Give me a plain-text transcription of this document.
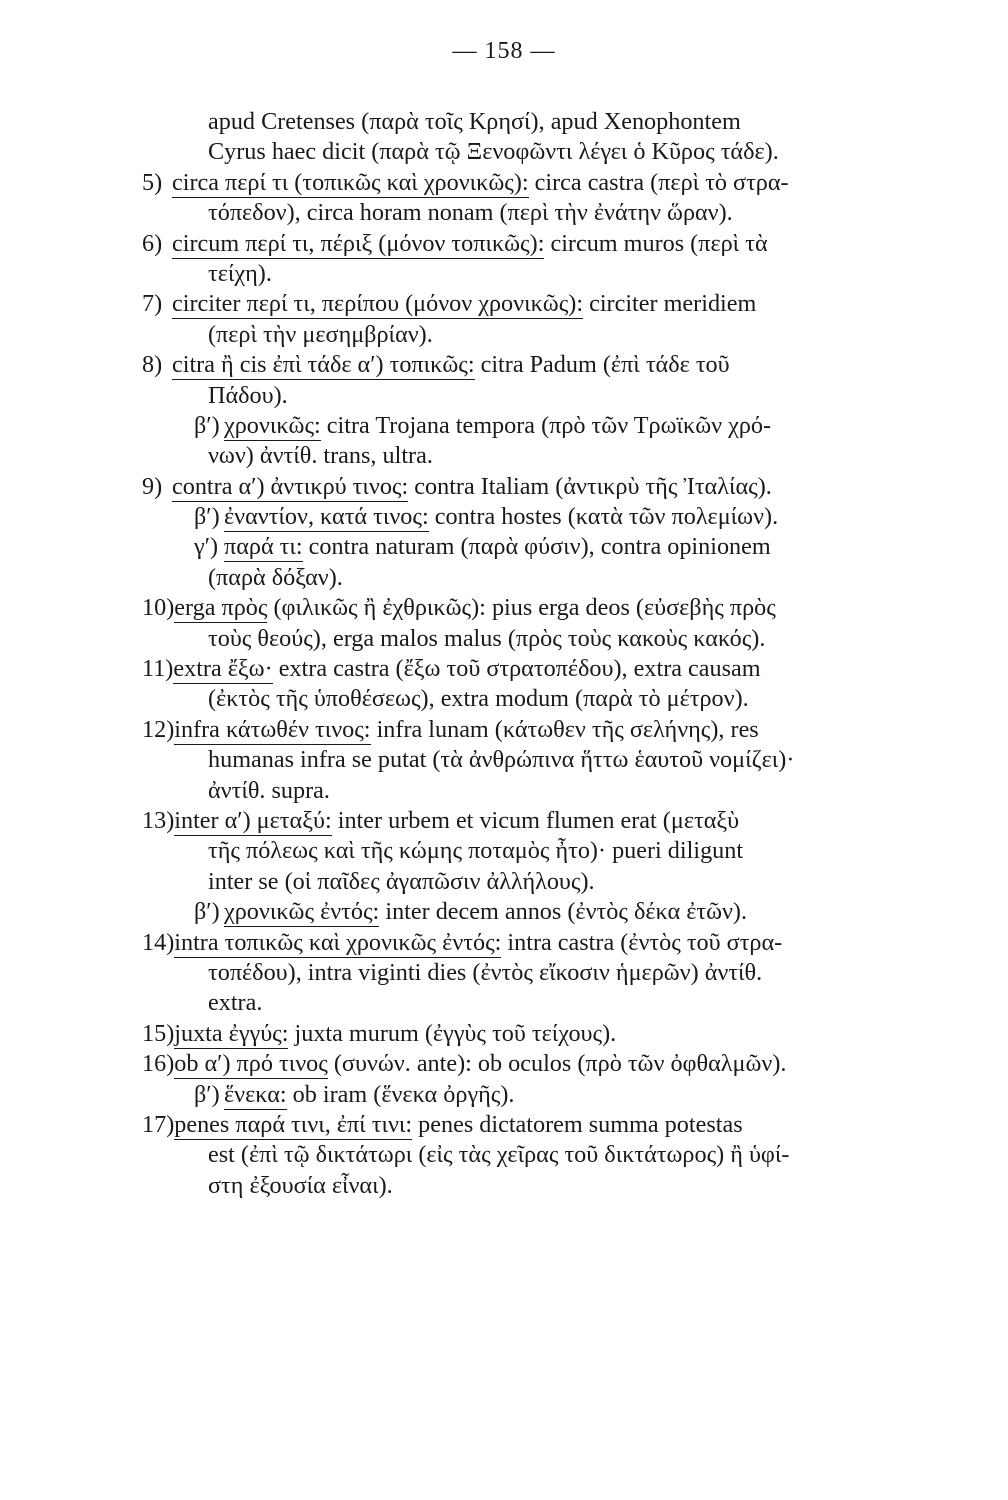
— 158 —
apud Cretenses (παρὰ τοῖς Κρησί), apud Xenophontem
Cyrus haec dicit (παρὰ τῷ Ξενοφῶντι λέγει ὁ Κῦρος τάδε).
5)circa περί τι (τοπικῶς καὶ χρονικῶς): circa castra (περὶ τὸ στρα-
τόπεδον), circa horam nonam (περὶ τὴν ἐνάτην ὥραν).
6)circum περί τι, πέριξ (μόνον τοπικῶς): circum muros (περὶ τὰ
τείχη).
7)circiter περί τι, περίπου (μόνον χρονικῶς): circiter meridiem
(περὶ τὴν μεσημβρίαν).
8)citra ἢ cis ἐπὶ τάδε α′) τοπικῶς: citra Padum (ἐπὶ τάδε τοῦ
Πάδου).
β′)χρονικῶς: citra Trojana tempora (πρὸ τῶν Τρωϊκῶν χρό-
νων) ἀντίθ. trans, ultra.
9)contra α′) ἀντικρύ τινος: contra Italiam (ἀντικρὺ τῆς Ἰταλίας).
β′)ἐναντίον, κατά τινος: contra hostes (κατὰ τῶν πολεμίων).
γ′)παρά τι: contra naturam (παρὰ φύσιν), contra opinionem
(παρὰ δόξαν).
10)erga πρὸς (φιλικῶς ἢ ἐχθρικῶς): pius erga deos (εὐσεβὴς πρὸς
τοὺς θεούς), erga malos malus (πρὸς τοὺς κακοὺς κακός).
11)extra ἔξω· extra castra (ἔξω τοῦ στρατοπέδου), extra causam
(ἐκτὸς τῆς ὑποθέσεως), extra modum (παρὰ τὸ μέτρον).
12)infra κάτωθέν τινος: infra lunam (κάτωθεν τῆς σελήνης), res
humanas infra se putat (τὰ ἀνθρώπινα ἥττω ἑαυτοῦ νομίζει)·
ἀντίθ. supra.
13)inter α′) μεταξύ: inter urbem et vicum flumen erat (μεταξὺ
τῆς πόλεως καὶ τῆς κώμης ποταμὸς ἦτο)· pueri diligunt
inter se (οἱ παῖδες ἀγαπῶσιν ἀλλήλους).
β′)χρονικῶς ἐντός: inter decem annos (ἐντὸς δέκα ἐτῶν).
14)intra τοπικῶς καὶ χρονικῶς ἐντός: intra castra (ἐντὸς τοῦ στρα-
τοπέδου), intra viginti dies (ἐντὸς εἴκοσιν ἡμερῶν) ἀντίθ.
extra.
15)juxta ἐγγύς: juxta murum (ἐγγὺς τοῦ τείχους).
16)ob α′) πρό τινος (συνών. ante): ob oculos (πρὸ τῶν ὀφθαλμῶν).
β′)ἕνεκα: ob iram (ἕνεκα ὀργῆς).
17)penes παρά τινι, ἐπί τινι: penes dictatorem summa potestas
est (ἐπὶ τῷ δικτάτωρι (εἰς τὰς χεῖρας τοῦ δικτάτωρος) ἢ ὑφί-
στη ἐξουσία εἶναι).
